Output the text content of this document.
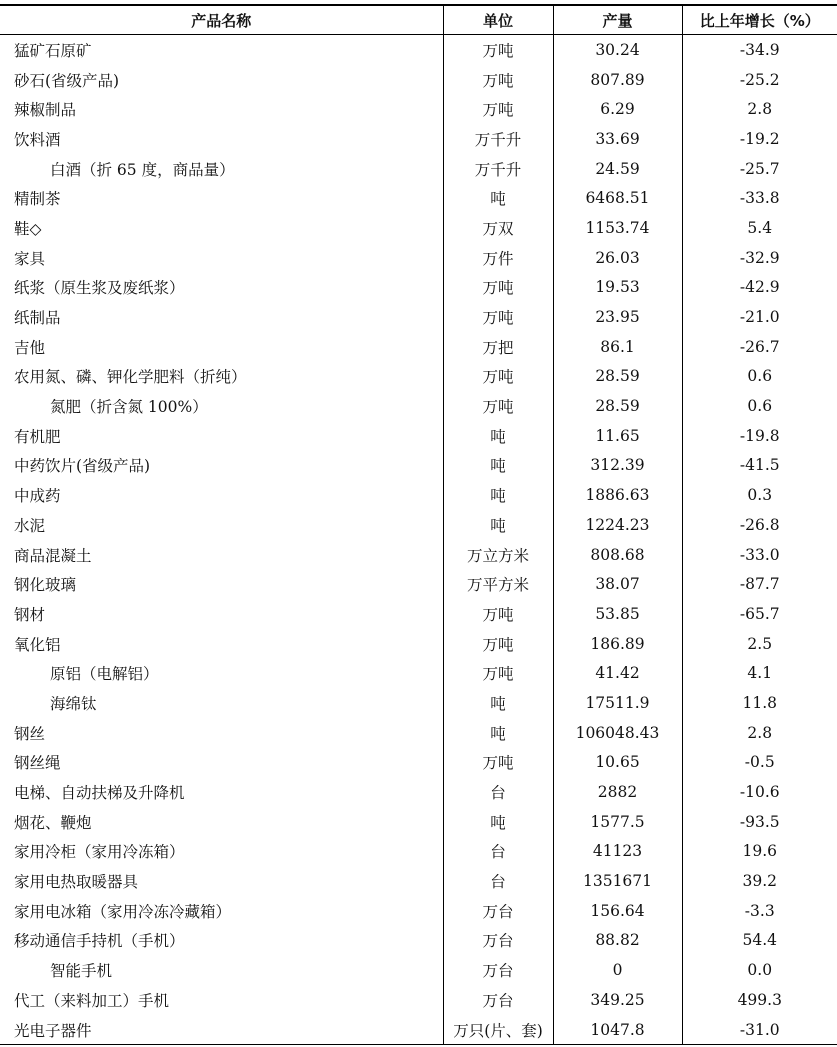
产品名称	单位	产量	比上年增长（%）
猛矿石原矿	万吨	30.24	-34.9
砂石(省级产品)	万吨	807.89	-25.2
辣椒制品	万吨	6.29	2.8
饮料酒	万千升	33.69	-19.2
白酒（折 65 度，商品量）	万千升	24.59	-25.7
精制茶	吨	6468.51	-33.8
鞋◇	万双	1153.74	5.4
家具	万件	26.03	-32.9
纸浆（原生浆及废纸浆）	万吨	19.53	-42.9
纸制品	万吨	23.95	-21.0
吉他	万把	86.1	-26.7
农用氮、磷、钾化学肥料（折纯）	万吨	28.59	0.6
氮肥（折含氮 100%）	万吨	28.59	0.6
有机肥	吨	11.65	-19.8
中药饮片(省级产品)	吨	312.39	-41.5
中成药	吨	1886.63	0.3
水泥	吨	1224.23	-26.8
商品混凝土	万立方米	808.68	-33.0
钢化玻璃	万平方米	38.07	-87.7
钢材	万吨	53.85	-65.7
氧化铝	万吨	186.89	2.5
原铝（电解铝）	万吨	41.42	4.1
海绵钛	吨	17511.9	11.8
钢丝	吨	106048.43	2.8
钢丝绳	万吨	10.65	-0.5
电梯、自动扶梯及升降机	台	2882	-10.6
烟花、鞭炮	吨	1577.5	-93.5
家用冷柜（家用冷冻箱）	台	41123	19.6
家用电热取暖器具	台	1351671	39.2
家用电冰箱（家用冷冻冷藏箱）	万台	156.64	-3.3
移动通信手持机（手机）	万台	88.82	54.4
智能手机	万台	0	0.0
代工（来料加工）手机	万台	349.25	499.3
光电子器件	万只(片、套)	1047.8	-31.0
